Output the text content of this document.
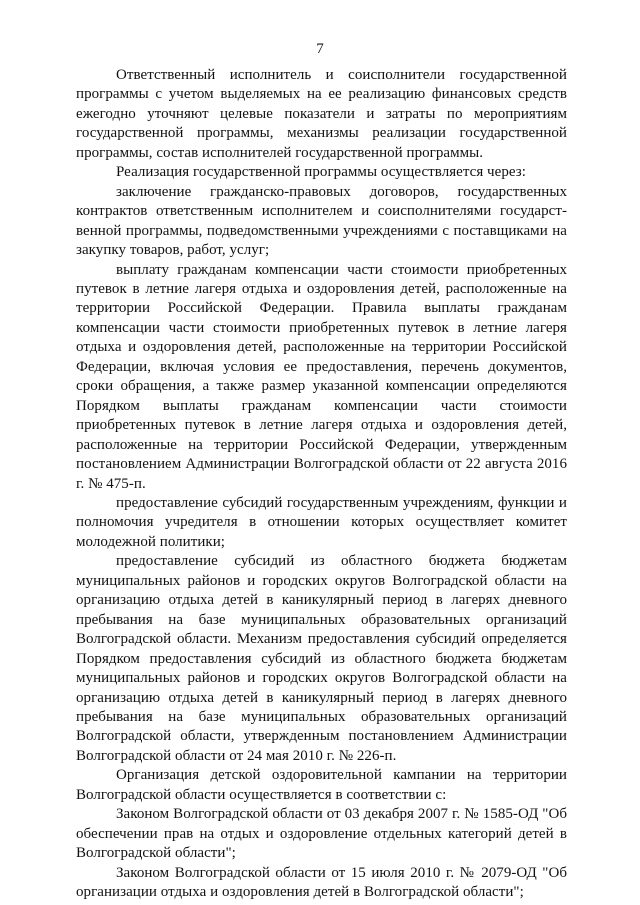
7

Ответственный исполнитель и соисполнители государственной программы с учетом выделяемых на ее реализацию финансовых средств ежегодно уточняют целевые показатели и затраты по мероприятиям государственной программы, механизмы реализации государственной программы, состав исполнителей государственной программы.

Реализация государственной программы осуществляется через:

заключение гражданско-правовых договоров, государственных контрактов ответственным исполнителем и соисполнителями государст-венной программы, подведомственными учреждениями с поставщиками на закупку товаров, работ, услуг;

выплату гражданам компенсации части стоимости приобретенных путевок в летние лагеря отдыха и оздоровления детей, расположенные на территории Российской Федерации. Правила выплаты гражданам компенсации части стоимости приобретенных путевок в летние лагеря отдыха и оздоровления детей, расположенные на территории Российской Федерации, включая условия ее предоставления, перечень документов, сроки обращения, а также размер указанной компенсации определяются Порядком выплаты гражданам компенсации части стоимости приобретенных путевок в летние лагеря отдыха и оздоровления детей, расположенные на территории Российской Федерации, утвержденным постановлением Администрации Волгоградской области от 22 августа 2016 г. № 475-п.

предоставление субсидий государственным учреждениям, функции и полномочия учредителя в отношении которых осуществляет комитет молодежной политики;

предоставление субсидий из областного бюджета бюджетам муниципальных районов и городских округов Волгоградской области на организацию отдыха детей в каникулярный период в лагерях дневного пребывания на базе муниципальных образовательных организаций Волгоградской области. Механизм предоставления субсидий определяется Порядком предоставления субсидий из областного бюджета бюджетам муниципальных районов и городских округов Волгоградской области на организацию отдыха детей в каникулярный период в лагерях дневного пребывания на базе муниципальных образовательных организаций Волгоградской области, утвержденным постановлением Администрации Волгоградской области от 24 мая 2010 г. № 226-п.

Организация детской оздоровительной кампании на территории Волгоградской области осуществляется в соответствии с:

Законом Волгоградской области от 03 декабря 2007 г. № 1585-ОД "Об обеспечении прав на отдых и оздоровление отдельных категорий детей в Волгоградской области";

Законом Волгоградской области от 15 июля 2010 г. № 2079-ОД "Об организации отдыха и оздоровления детей в Волгоградской области";
